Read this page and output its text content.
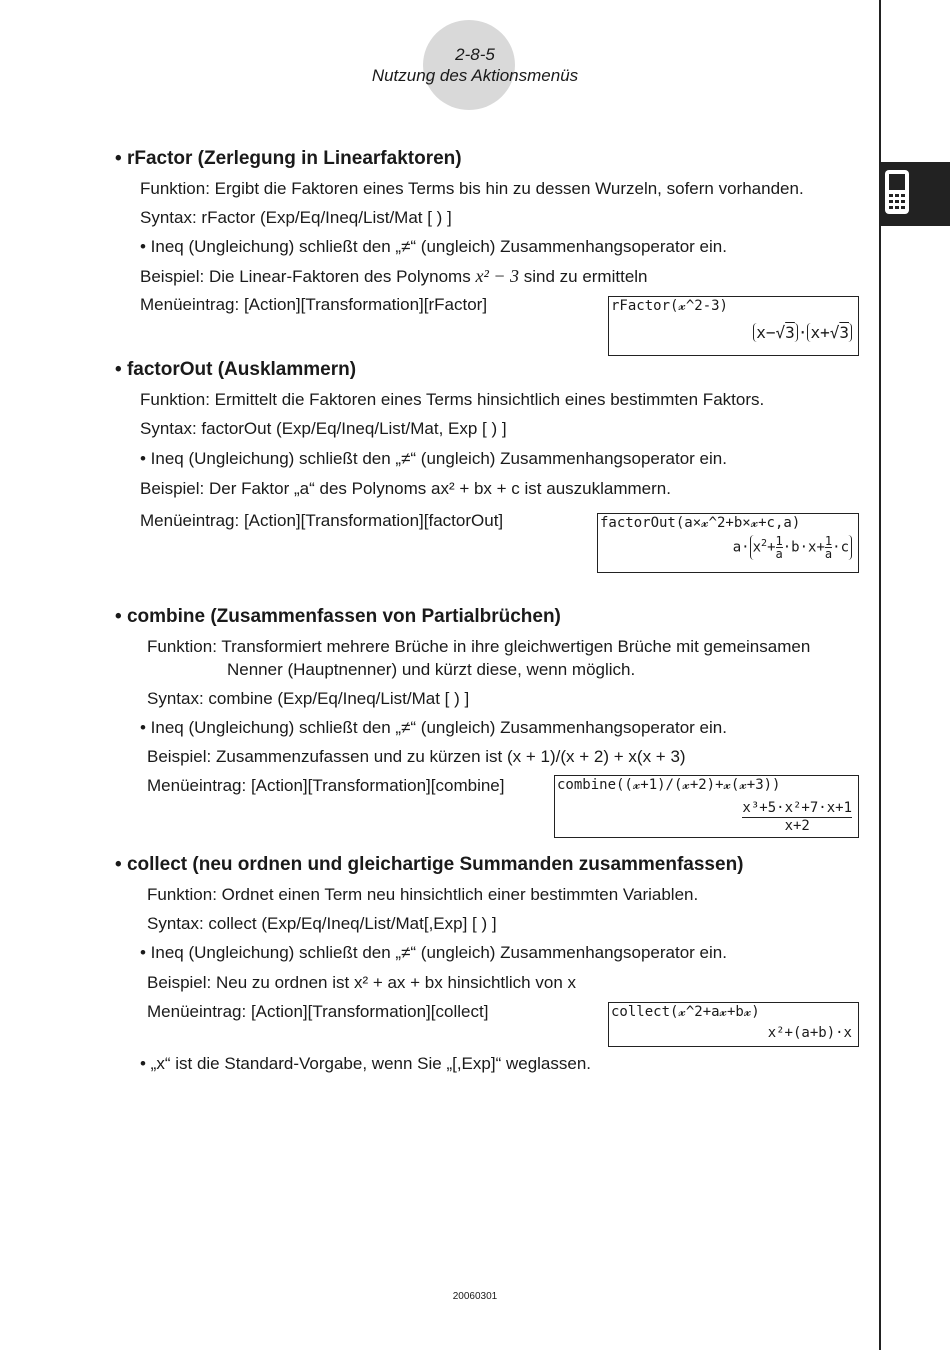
2-8-5
Nutzung des Aktionsmenüs
• rFactor (Zerlegung in Linearfaktoren)
Funktion: Ergibt die Faktoren eines Terms bis hin zu dessen Wurzeln, sofern vorhanden.
Syntax: rFactor (Exp/Eq/Ineq/List/Mat [ ) ]
• Ineq (Ungleichung) schließt den „≠“ (ungleich) Zusammenhangsoperator ein.
Beispiel: Die Linear-Faktoren des Polynoms x² − 3 sind zu ermitteln
Menüeintrag: [Action][Transformation][rFactor]	rFactor(𝔁^2-3)
x−√3 · x+√3
• factorOut (Ausklammern)
Funktion: Ermittelt die Faktoren eines Terms hinsichtlich eines bestimmten Faktors.
Syntax: factorOut (Exp/Eq/Ineq/List/Mat, Exp [ ) ]
• Ineq (Ungleichung) schließt den „≠“ (ungleich) Zusammenhangsoperator ein.
Beispiel: Der Faktor „a“ des Polynoms ax² + bx + c ist auszuklammern.
Menüeintrag: [Action][Transformation][factorOut]	factorOut(a×𝔁^2+b×𝔁+c,a)
$a\cdot x^2+ \frac{1}{a} \cdot b\cdot x+ \frac{1}{a} \cdot c$
• combine (Zusammenfassen von Partialbrüchen)
Funktion: Transformiert mehrere Brüche in ihre gleichwertigen Brüche mit gemeinsamen
Nenner (Hauptnenner) und kürzt diese, wenn möglich.
Syntax: combine (Exp/Eq/Ineq/List/Mat [ ) ]
• Ineq (Ungleichung) schließt den „≠“ (ungleich) Zusammenhangsoperator ein.
Beispiel: Zusammenzufassen und zu kürzen ist (x + 1)/(x + 2) + x(x + 3)
Menüeintrag: [Action][Transformation][combine]	combine((𝔁+1)/(𝔁+2)+𝔁(𝔁+3))
x³+5·x²+7·x+1
x+2
• collect (neu ordnen und gleichartige Summanden zusammenfassen)
Funktion: Ordnet einen Term neu hinsichtlich einer bestimmten Variablen.
Syntax: collect (Exp/Eq/Ineq/List/Mat[,Exp] [ ) ]
• Ineq (Ungleichung) schließt den „≠“ (ungleich) Zusammenhangsoperator ein.
Beispiel: Neu zu ordnen ist x² + ax + bx hinsichtlich von x
Menüeintrag: [Action][Transformation][collect]	collect(𝔁^2+a𝔁+b𝔁)
x²+(a+b)·x
• „x“ ist die Standard-Vorgabe, wenn Sie „[,Exp]“ weglassen.
20060301
